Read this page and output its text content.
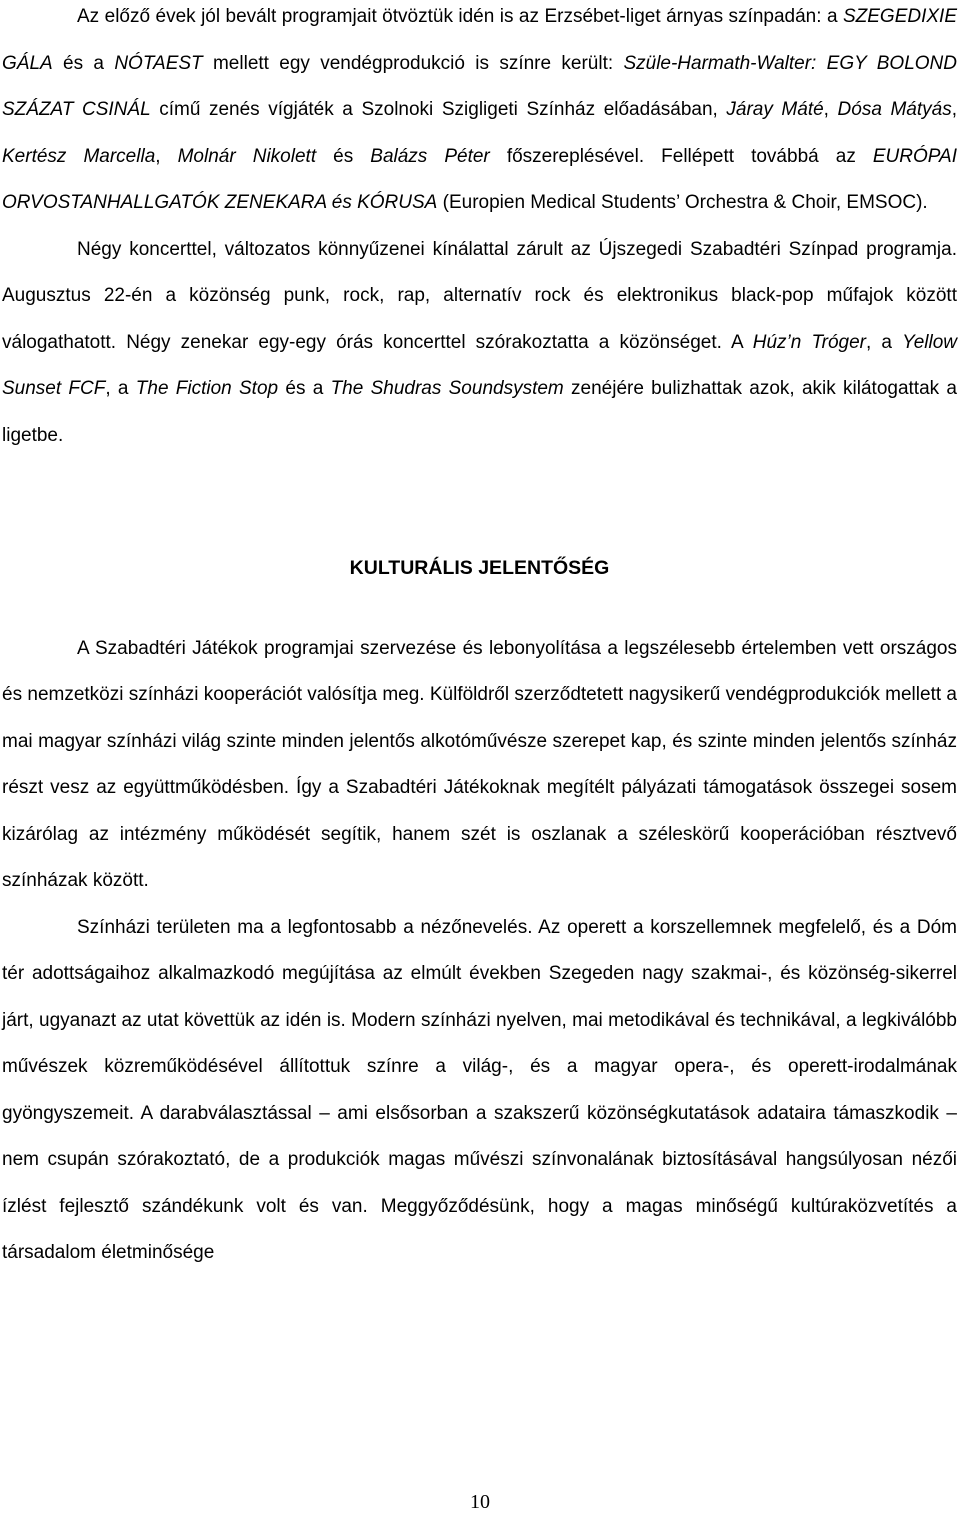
Az előző évek jól bevált programjait ötvöztük idén is az Erzsébet-liget árnyas színpadán: a SZEGEDIXIE GÁLA és a NÓTAEST mellett egy vendégprodukció is színre került: Szüle-Harmath-Walter: EGY BOLOND SZÁZAT CSINÁL című zenés vígjáték a Szolnoki Szigligeti Színház előadásában, Járay Máté, Dósa Mátyás, Kertész Marcella, Molnár Nikolett és Balázs Péter főszereplésével. Fellépett továbbá az EURÓPAI ORVOSTANHALLGATÓK ZENEKARA és KÓRUSA (Europien Medical Students’ Orchestra & Choir, EMSOC).

Négy koncerttel, változatos könnyűzenei kínálattal zárult az Újszegedi Szabadtéri Színpad programja. Augusztus 22-én a közönség punk, rock, rap, alternatív rock és elektronikus black-pop műfajok között válogathatott. Négy zenekar egy-egy órás koncerttel szórakoztatta a közönséget. A Húz’n Tróger, a Yellow Sunset FCF, a The Fiction Stop és a The Shudras Soundsystem zenéjére bulizhattak azok, akik kilátogattak a ligetbe.

KULTURÁLIS JELENTŐSÉG

A Szabadtéri Játékok programjai szervezése és lebonyolítása a legszélesebb értelemben vett országos és nemzetközi színházi kooperációt valósítja meg. Külföldről szerződtetett nagysikerű vendégprodukciók mellett a mai magyar színházi világ szinte minden jelentős alkotóművésze szerepet kap, és szinte minden jelentős színház részt vesz az együttműködésben. Így a Szabadtéri Játékoknak megítélt pályázati támogatások összegei sosem kizárólag az intézmény működését segítik, hanem szét is oszlanak a széleskörű kooperációban résztvevő színházak között.

Színházi területen ma a legfontosabb a nézőnevelés. Az operett a korszellemnek megfelelő, és a Dóm tér adottságaihoz alkalmazkodó megújítása az elmúlt években Szegeden nagy szakmai-, és közönség-sikerrel járt, ugyanazt az utat követtük az idén is. Modern színházi nyelven, mai metodikával és technikával, a legkiválóbb művészek közreműködésével állítottuk színre a világ-, és a magyar opera-, és operett-irodalmának gyöngyszemeit. A darabválasztással – ami elsősorban a szakszerű közönségkutatások adataira támaszkodik – nem csupán szórakoztató, de a produkciók magas művészi színvonalának biztosításával hangsúlyosan nézői ízlést fejlesztő szándékunk volt és van. Meggyőződésünk, hogy a magas minőségű kultúraközvetítés a társadalom életminősége

10
